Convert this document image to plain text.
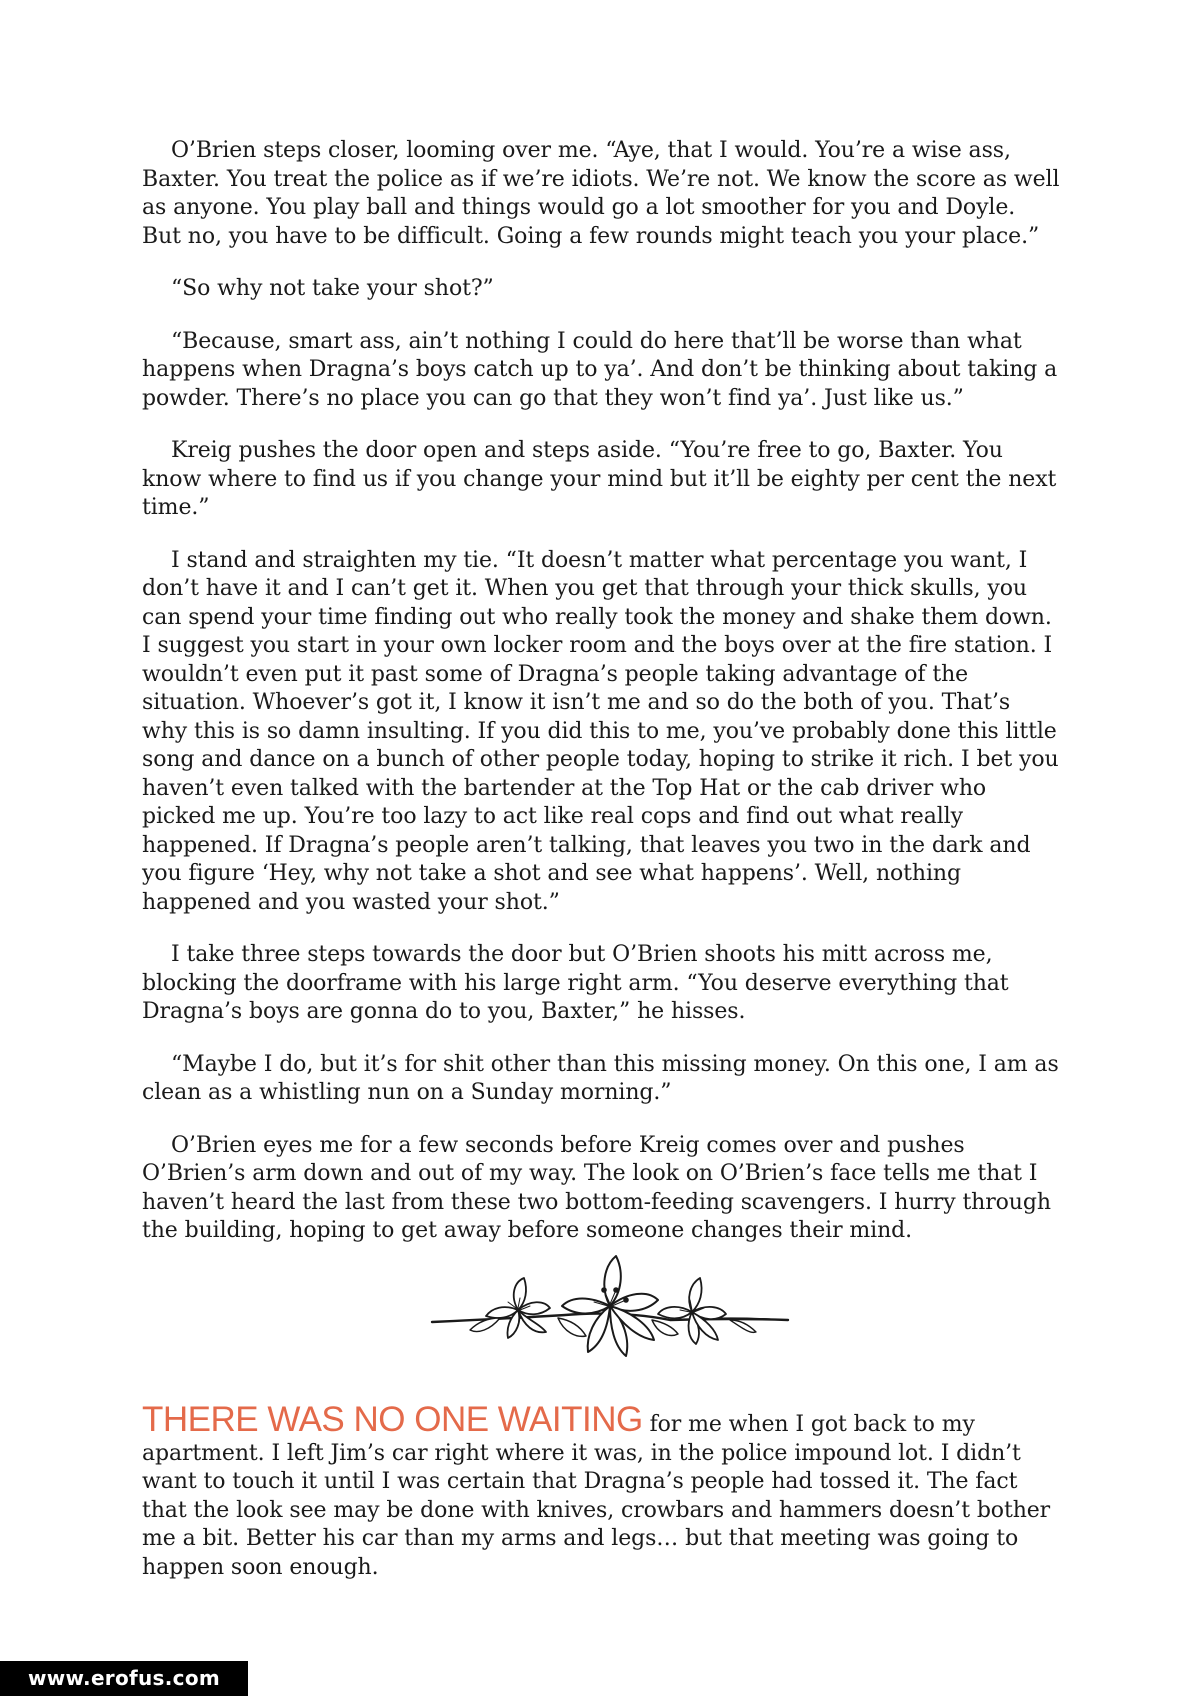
O’Brien steps closer, looming over me. “Aye, that I would. You’re a wise ass, Baxter. You treat the police as if we’re idiots. We’re not. We know the score as well as anyone. You play ball and things would go a lot smoother for you and Doyle. But no, you have to be difficult. Going a few rounds might teach you your place.”

“So why not take your shot?”

“Because, smart ass, ain’t nothing I could do here that’ll be worse than what happens when Dragna’s boys catch up to ya’. And don’t be thinking about taking a powder. There’s no place you can go that they won’t find ya’. Just like us.”

Kreig pushes the door open and steps aside. “You’re free to go, Baxter. You know where to find us if you change your mind but it’ll be eighty per cent the next time.”

I stand and straighten my tie. “It doesn’t matter what percentage you want, I don’t have it and I can’t get it. When you get that through your thick skulls, you can spend your time finding out who really took the money and shake them down. I suggest you start in your own locker room and the boys over at the fire station. I wouldn’t even put it past some of Dragna’s people taking advantage of the situation. Whoever’s got it, I know it isn’t me and so do the both of you. That’s why this is so damn insulting. If you did this to me, you’ve probably done this little song and dance on a bunch of other people today, hoping to strike it rich. I bet you haven’t even talked with the bartender at the Top Hat or the cab driver who picked me up. You’re too lazy to act like real cops and find out what really happened. If Dragna’s people aren’t talking, that leaves you two in the dark and you figure ‘Hey, why not take a shot and see what happens’. Well, nothing happened and you wasted your shot.”

I take three steps towards the door but O’Brien shoots his mitt across me, blocking the doorframe with his large right arm. “You deserve everything that Dragna’s boys are gonna do to you, Baxter,” he hisses.

“Maybe I do, but it’s for shit other than this missing money. On this one, I am as clean as a whistling nun on a Sunday morning.”

O’Brien eyes me for a few seconds before Kreig comes over and pushes O’Brien’s arm down and out of my way. The look on O’Brien’s face tells me that I haven’t heard the last from these two bottom-feeding scavengers. I hurry through the building, hoping to get away before someone changes their mind.

THERE WAS NO ONE WAITING for me when I got back to my apartment. I left Jim’s car right where it was, in the police impound lot. I didn’t want to touch it until I was certain that Dragna’s people had tossed it. The fact that the look see may be done with knives, crowbars and hammers doesn’t bother me a bit. Better his car than my arms and legs… but that meeting was going to happen soon enough.

www.erofus.com
